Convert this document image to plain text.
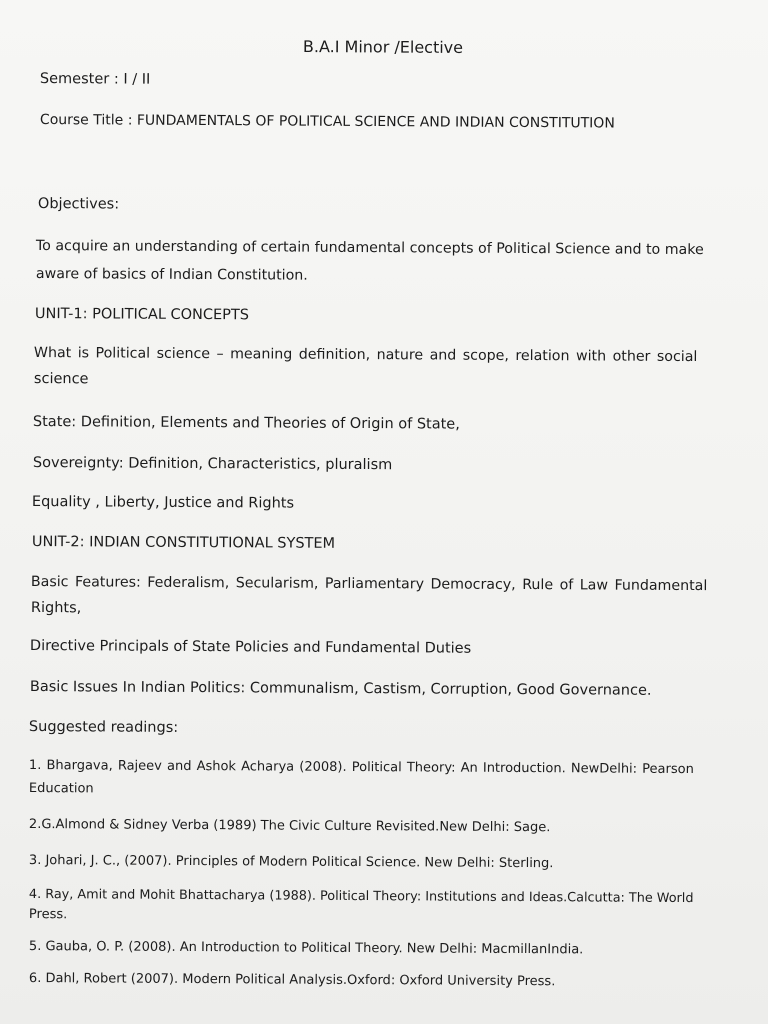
B.A.I Minor /Elective
Semester : I / II
Course Title : FUNDAMENTALS OF POLITICAL SCIENCE AND INDIAN CONSTITUTION
Objectives:
To acquire an understanding of certain fundamental concepts of Political Science and to make
aware of basics of Indian Constitution.
UNIT-1: POLITICAL CONCEPTS
What is Political science – meaning definition, nature and scope, relation with other social
science
State: Definition, Elements and Theories of Origin of State,
Sovereignty: Definition, Characteristics, pluralism
Equality , Liberty, Justice and Rights
UNIT-2: INDIAN CONSTITUTIONAL SYSTEM
Basic Features: Federalism, Secularism, Parliamentary Democracy, Rule of Law Fundamental
Rights,
Directive Principals of State Policies and Fundamental Duties
Basic Issues In Indian Politics: Communalism, Castism, Corruption, Good Governance.
Suggested readings:
1. Bhargava, Rajeev and Ashok Acharya (2008). Political Theory: An Introduction. NewDelhi: Pearson
Education
2.G.Almond & Sidney Verba (1989) The Civic Culture Revisited.New Delhi: Sage.
3. Johari, J. C., (2007). Principles of Modern Political Science. New Delhi: Sterling.
4. Ray, Amit and Mohit Bhattacharya (1988). Political Theory: Institutions and Ideas.Calcutta: The World
Press.
5. Gauba, O. P. (2008). An Introduction to Political Theory. New Delhi: MacmillanIndia.
6. Dahl, Robert (2007). Modern Political Analysis.Oxford: Oxford University Press.
